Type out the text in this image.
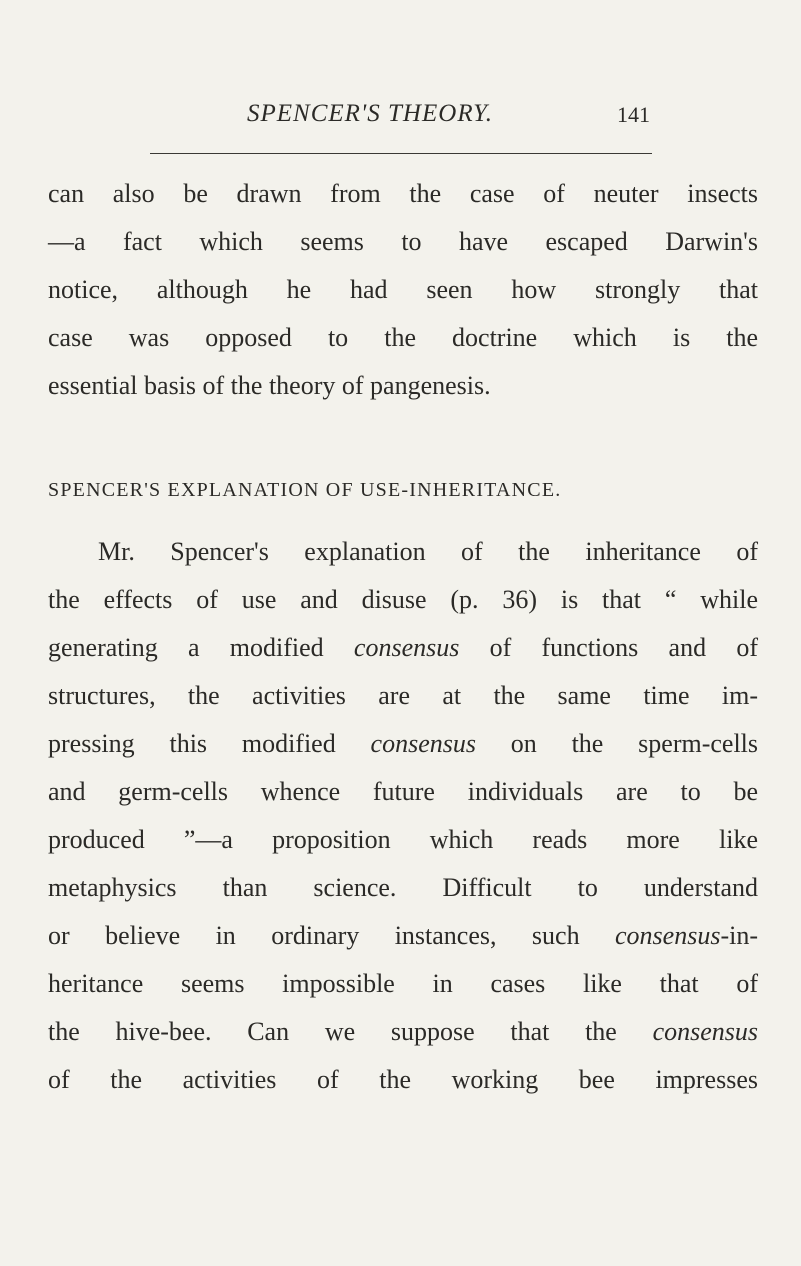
SPENCER'S THEORY.	141
can also be drawn from the case of neuter insects
—a fact which seems to have escaped Darwin's
notice, although he had seen how strongly that
case was opposed to the doctrine which is the
essential basis of the theory of pangenesis.
SPENCER'S EXPLANATION OF USE-INHERITANCE.
Mr. Spencer's explanation of the inheritance of
the effects of use and disuse (p. 36) is that “ while
generating a modified consensus of functions and of
structures, the activities are at the same time im-
pressing this modified consensus on the sperm-cells
and germ-cells whence future individuals are to be
produced ”—a proposition which reads more like
metaphysics than science. Difficult to understand
or believe in ordinary instances, such consensus-in-
heritance seems impossible in cases like that of
the hive-bee. Can we suppose that the consensus
of the activities of the working bee impresses
